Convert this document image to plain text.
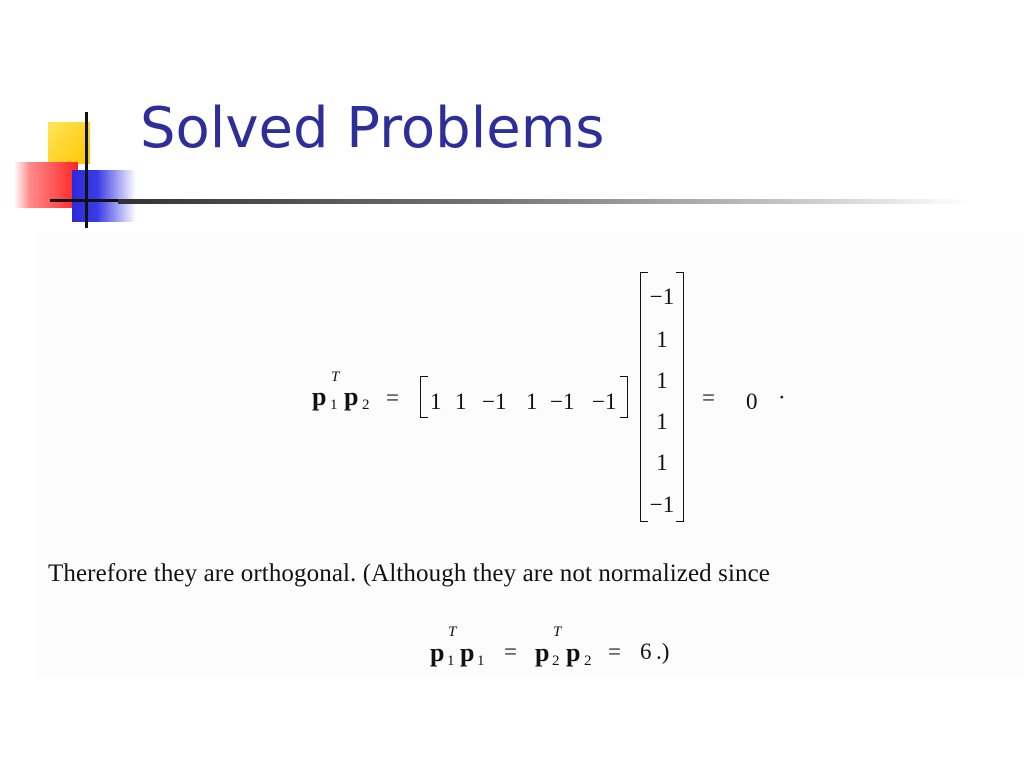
Solved Problems
p
T
1 p 2 = 1 1 −1 1 −1 −1
−1
1
1
1
1
−1
= 0 ·

Therefore they are orthogonal. (Although they are not normalized since

p
T
1 p 1 = p
T
2 p 2 = 6 .)
